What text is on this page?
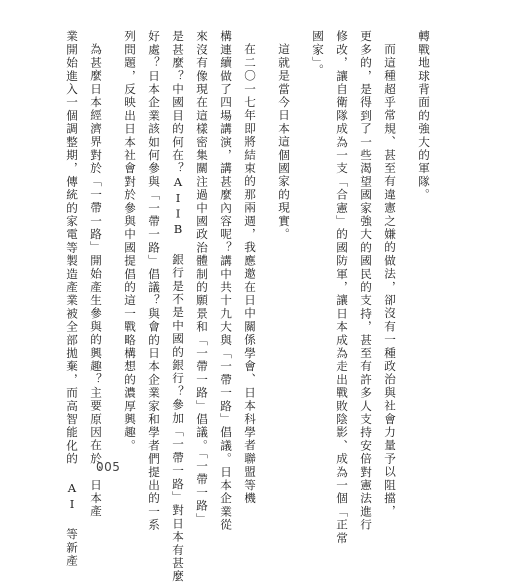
轉戰地球背面的強大的軍隊。
而這種超乎常規、甚至有違憲之嫌的做法，卻沒有一種政治與社會力量予以阻擋，
更多的，是得到了一些渴望國家強大的國民的支持，甚至有許多人支持安倍對憲法進行
修改，讓自衛隊成為一支「合憲」的國防軍，讓日本成為走出戰敗陰影、成為一個「正常
國家」。
這就是當今日本這個國家的現實。
在二〇一七年即將結束的那兩週，我應邀在日中關係學會、日本科學者聯盟等機
構連續做了四場講演，講甚麼內容呢？講中共十九大與「一帶一路」倡議。日本企業從
來沒有像現在這樣密集關注過中國政治體制的願景和「一帶一路」倡議。「一帶一路」
是甚麼？中國目的何在？AIIB 銀行是不是中國的銀行？參加「一帶一路」對日本有甚麼
好處？日本企業該如何參與「一帶一路」倡議？與會的日本企業家和學者們提出的一系
列問題，反映出日本社會對於參與中國提倡的這一戰略構想的濃厚興趣。
為甚麼日本經濟界對於「一帶一路」開始產生參與的興趣？主要原因在於，日本產
業開始進入一個調整期，傳統的家電等製造產業被全部拋棄，而高智能化的 AI 等新產 005
